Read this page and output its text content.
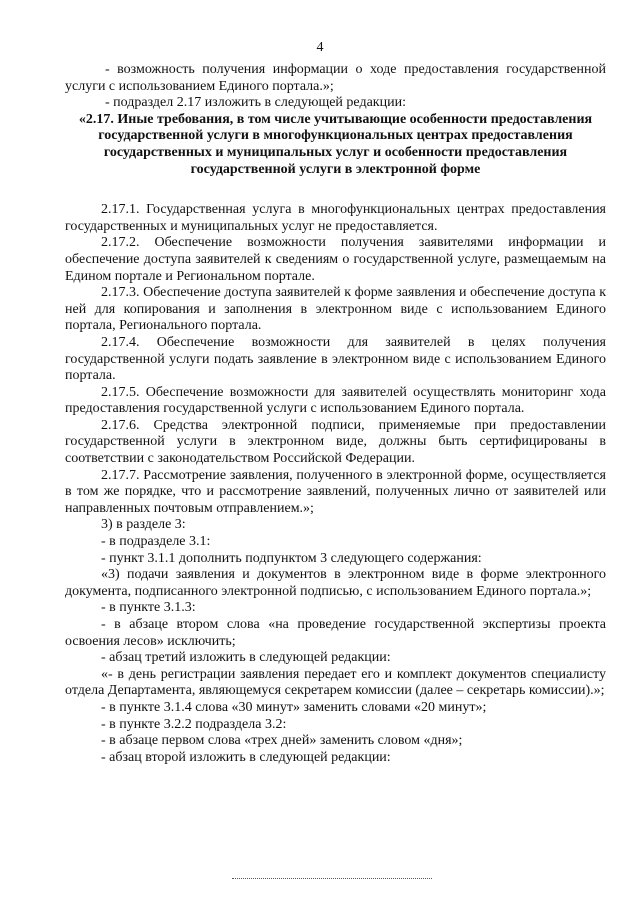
4

- возможность получения информации о ходе предоставления государственной услуги с использованием Единого портала.»;

- подраздел 2.17 изложить в следующей редакции:

«2.17. Иные требования, в том числе учитывающие особенности предоставления государственной услуги в многофункциональных центрах предоставления государственных и муниципальных услуг и особенности предоставления государственной услуги в электронной форме

2.17.1. Государственная услуга в многофункциональных центрах предоставления государственных и муниципальных услуг не предоставляется.

2.17.2. Обеспечение возможности получения заявителями информации и обеспечение доступа заявителей к сведениям о государственной услуге, размещаемым на Едином портале и Региональном портале.

2.17.3. Обеспечение доступа заявителей к форме заявления и обеспечение доступа к ней для копирования и заполнения в электронном виде с использованием Единого портала, Регионального портала.

2.17.4. Обеспечение возможности для заявителей в целях получения государственной услуги подать заявление в электронном виде с использованием Единого портала.

2.17.5. Обеспечение возможности для заявителей осуществлять мониторинг хода предоставления государственной услуги с использованием Единого портала.

2.17.6. Средства электронной подписи, применяемые при предоставлении государственной услуги в электронном виде, должны быть сертифицированы в соответствии с законодательством Российской Федерации.

2.17.7. Рассмотрение заявления, полученного в электронной форме, осуществляется в том же порядке, что и рассмотрение заявлений, полученных лично от заявителей или направленных почтовым отправлением.»;

3) в разделе 3:

- в подразделе 3.1:

- пункт 3.1.1 дополнить подпунктом 3 следующего содержания:

«3) подачи заявления и документов в электронном виде в форме электронного документа, подписанного электронной подписью, с использованием Единого портала.»;

- в пункте 3.1.3:

- в абзаце втором слова «на проведение государственной экспертизы проекта освоения лесов» исключить;

- абзац третий изложить в следующей редакции:

«- в день регистрации заявления передает его и комплект документов специалисту отдела Департамента, являющемуся секретарем комиссии (далее – секретарь комиссии).»;

- в пункте 3.1.4 слова «30 минут» заменить словами «20 минут»;

- в пункте 3.2.2 подраздела 3.2:

- в абзаце первом слова «трех дней» заменить словом «дня»;

- абзац второй изложить в следующей редакции:
